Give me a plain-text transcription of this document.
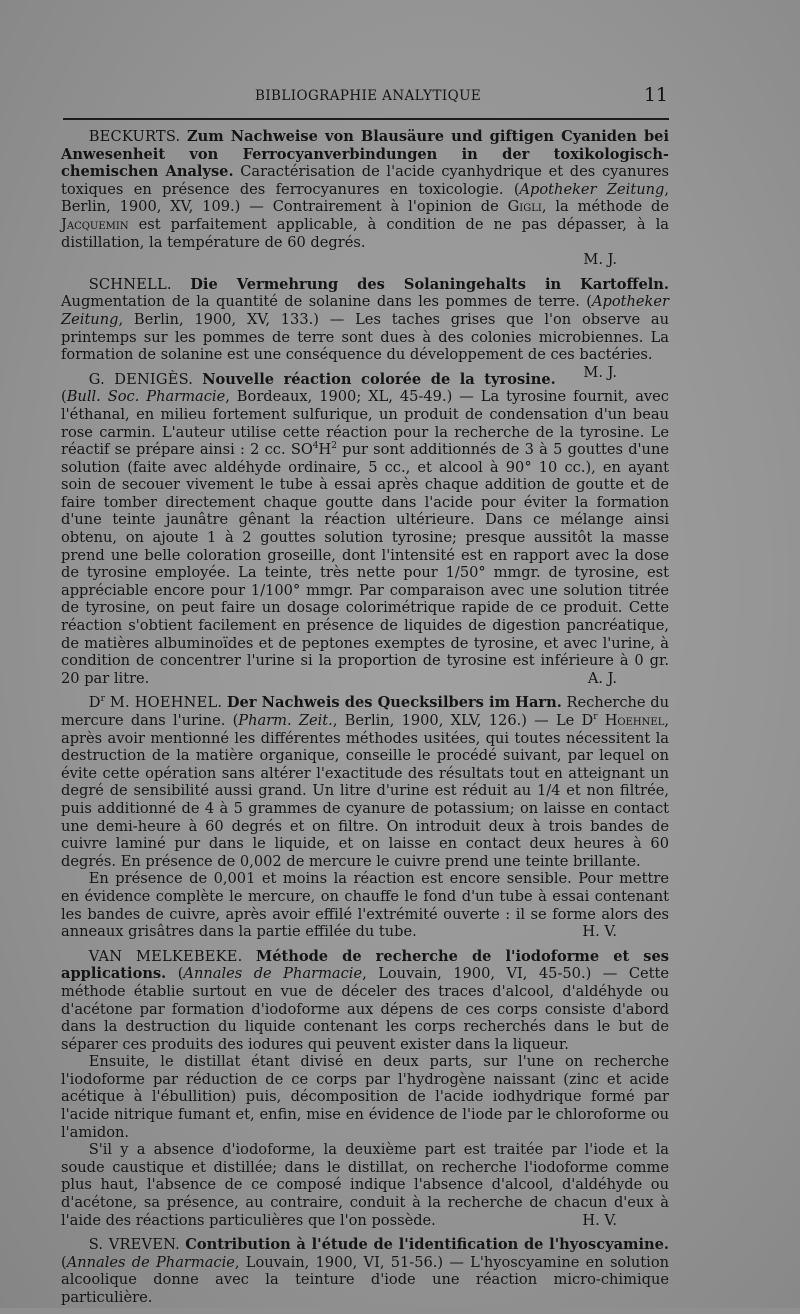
BIBLIOGRAPHIE ANALYTIQUE	11

BECKURTS. Zum Nachweise von Blausäure und giftigen Cyaniden bei Anwesenheit von Ferrocyanverbindungen in der toxikologisch-chemischen Analyse. Caractérisation de l'acide cyanhydrique et des cyanures toxiques en présence des ferrocyanures en toxicologie. (Apotheker Zeitung, Berlin, 1900, XV, 109.) — Contrairement à l'opinion de Gigli, la méthode de Jacquemin est parfaitement applicable, à condition de ne pas dépasser, à la distillation, la température de 60 degrés.

M. J.

SCHNELL. Die Vermehrung des Solaningehalts in Kartoffeln. Augmentation de la quantité de solanine dans les pommes de terre. (Apotheker Zeitung, Berlin, 1900, XV, 133.) — Les taches grises que l'on observe au printemps sur les pommes de terre sont dues à des colonies microbiennes. La formation de solanine est une conséquence du développement de ces bactéries.
M. J.

G. DENIGÈS. Nouvelle réaction colorée de la tyrosine. (Bull. Soc. Pharmacie, Bordeaux, 1900; XL, 45-49.) — La tyrosine fournit, avec l'éthanal, en milieu fortement sulfurique, un produit de condensation d'un beau rose carmin. L'auteur utilise cette réaction pour la recherche de la tyrosine. Le réactif se prépare ainsi : 2 cc. $SO^4H^2$ pur sont additionnés de 3 à 5 gouttes d'une solution (faite avec aldéhyde ordinaire, 5 cc., et alcool à 90° 10 cc.), en ayant soin de secouer vivement le tube à essai après chaque addition de goutte et de faire tomber directement chaque goutte dans l'acide pour éviter la formation d'une teinte jaunâtre gênant la réaction ultérieure. Dans ce mélange ainsi obtenu, on ajoute 1 à 2 gouttes solution tyrosine; presque aussitôt la masse prend une belle coloration groseille, dont l'intensité est en rapport avec la dose de tyrosine employée. La teinte, très nette pour 1/50° mmgr. de tyrosine, est appréciable encore pour 1/100° mmgr. Par comparaison avec une solution titrée de tyrosine, on peut faire un dosage colorimétrique rapide de ce produit. Cette réaction s'obtient facilement en présence de liquides de digestion pancréatique, de matières albuminoïdes et de peptones exemptes de tyrosine, et avec l'urine, à condition de concentrer l'urine si la proportion de tyrosine est inférieure à 0 gr. 20 par litre.	A. J.

$D^r$ M. HOEHNEL. Der Nachweis des Quecksilbers im Harn. Recherche du mercure dans l'urine. (Pharm. Zeit., Berlin, 1900, XLV, 126.) — Le $D^r$ Hoehnel, après avoir mentionné les différentes méthodes usitées, qui toutes nécessitent la destruction de la matière organique, conseille le procédé suivant, par lequel on évite cette opération sans altérer l'exactitude des résultats tout en atteignant un degré de sensibilité aussi grand. Un litre d'urine est réduit au 1/4 et non filtrée, puis additionné de 4 à 5 grammes de cyanure de potassium; on laisse en contact une demi-heure à 60 degrés et on filtre. On introduit deux à trois bandes de cuivre laminé pur dans le liquide, et on laisse en contact deux heures à 60 degrés. En présence de 0,002 de mercure le cuivre prend une teinte brillante.

En présence de 0,001 et moins la réaction est encore sensible. Pour mettre en évidence complète le mercure, on chauffe le fond d'un tube à essai contenant les bandes de cuivre, après avoir effilé l'extrémité ouverte : il se forme alors des anneaux grisâtres dans la partie effilée du tube.	H. V.

VAN MELKEBEKE. Méthode de recherche de l'iodoforme et ses applications. (Annales de Pharmacie, Louvain, 1900, VI, 45-50.) — Cette méthode établie surtout en vue de déceler des traces d'alcool, d'aldéhyde ou d'acétone par formation d'iodoforme aux dépens de ces corps consiste d'abord dans la destruction du liquide contenant les corps recherchés dans le but de séparer ces produits des iodures qui peuvent exister dans la liqueur.

Ensuite, le distillat étant divisé en deux parts, sur l'une on recherche l'iodoforme par réduction de ce corps par l'hydrogène naissant (zinc et acide acétique à l'ébullition) puis, décomposition de l'acide iodhydrique formé par l'acide nitrique fumant et, enfin, mise en évidence de l'iode par le chloroforme ou l'amidon.

S'il y a absence d'iodoforme, la deuxième part est traitée par l'iode et la soude caustique et distillée; dans le distillat, on recherche l'iodoforme comme plus haut, l'absence de ce composé indique l'absence d'alcool, d'aldéhyde ou d'acétone, sa présence, au contraire, conduit à la recherche de chacun d'eux à l'aide des réactions particulières que l'on possède.	H. V.

S. VREVEN. Contribution à l'étude de l'identification de l'hyoscyamine. (Annales de Pharmacie, Louvain, 1900, VI, 51-56.) — L'hyoscyamine en solution alcoolique donne avec la teinture d'iode une réaction micro-chimique particulière.
